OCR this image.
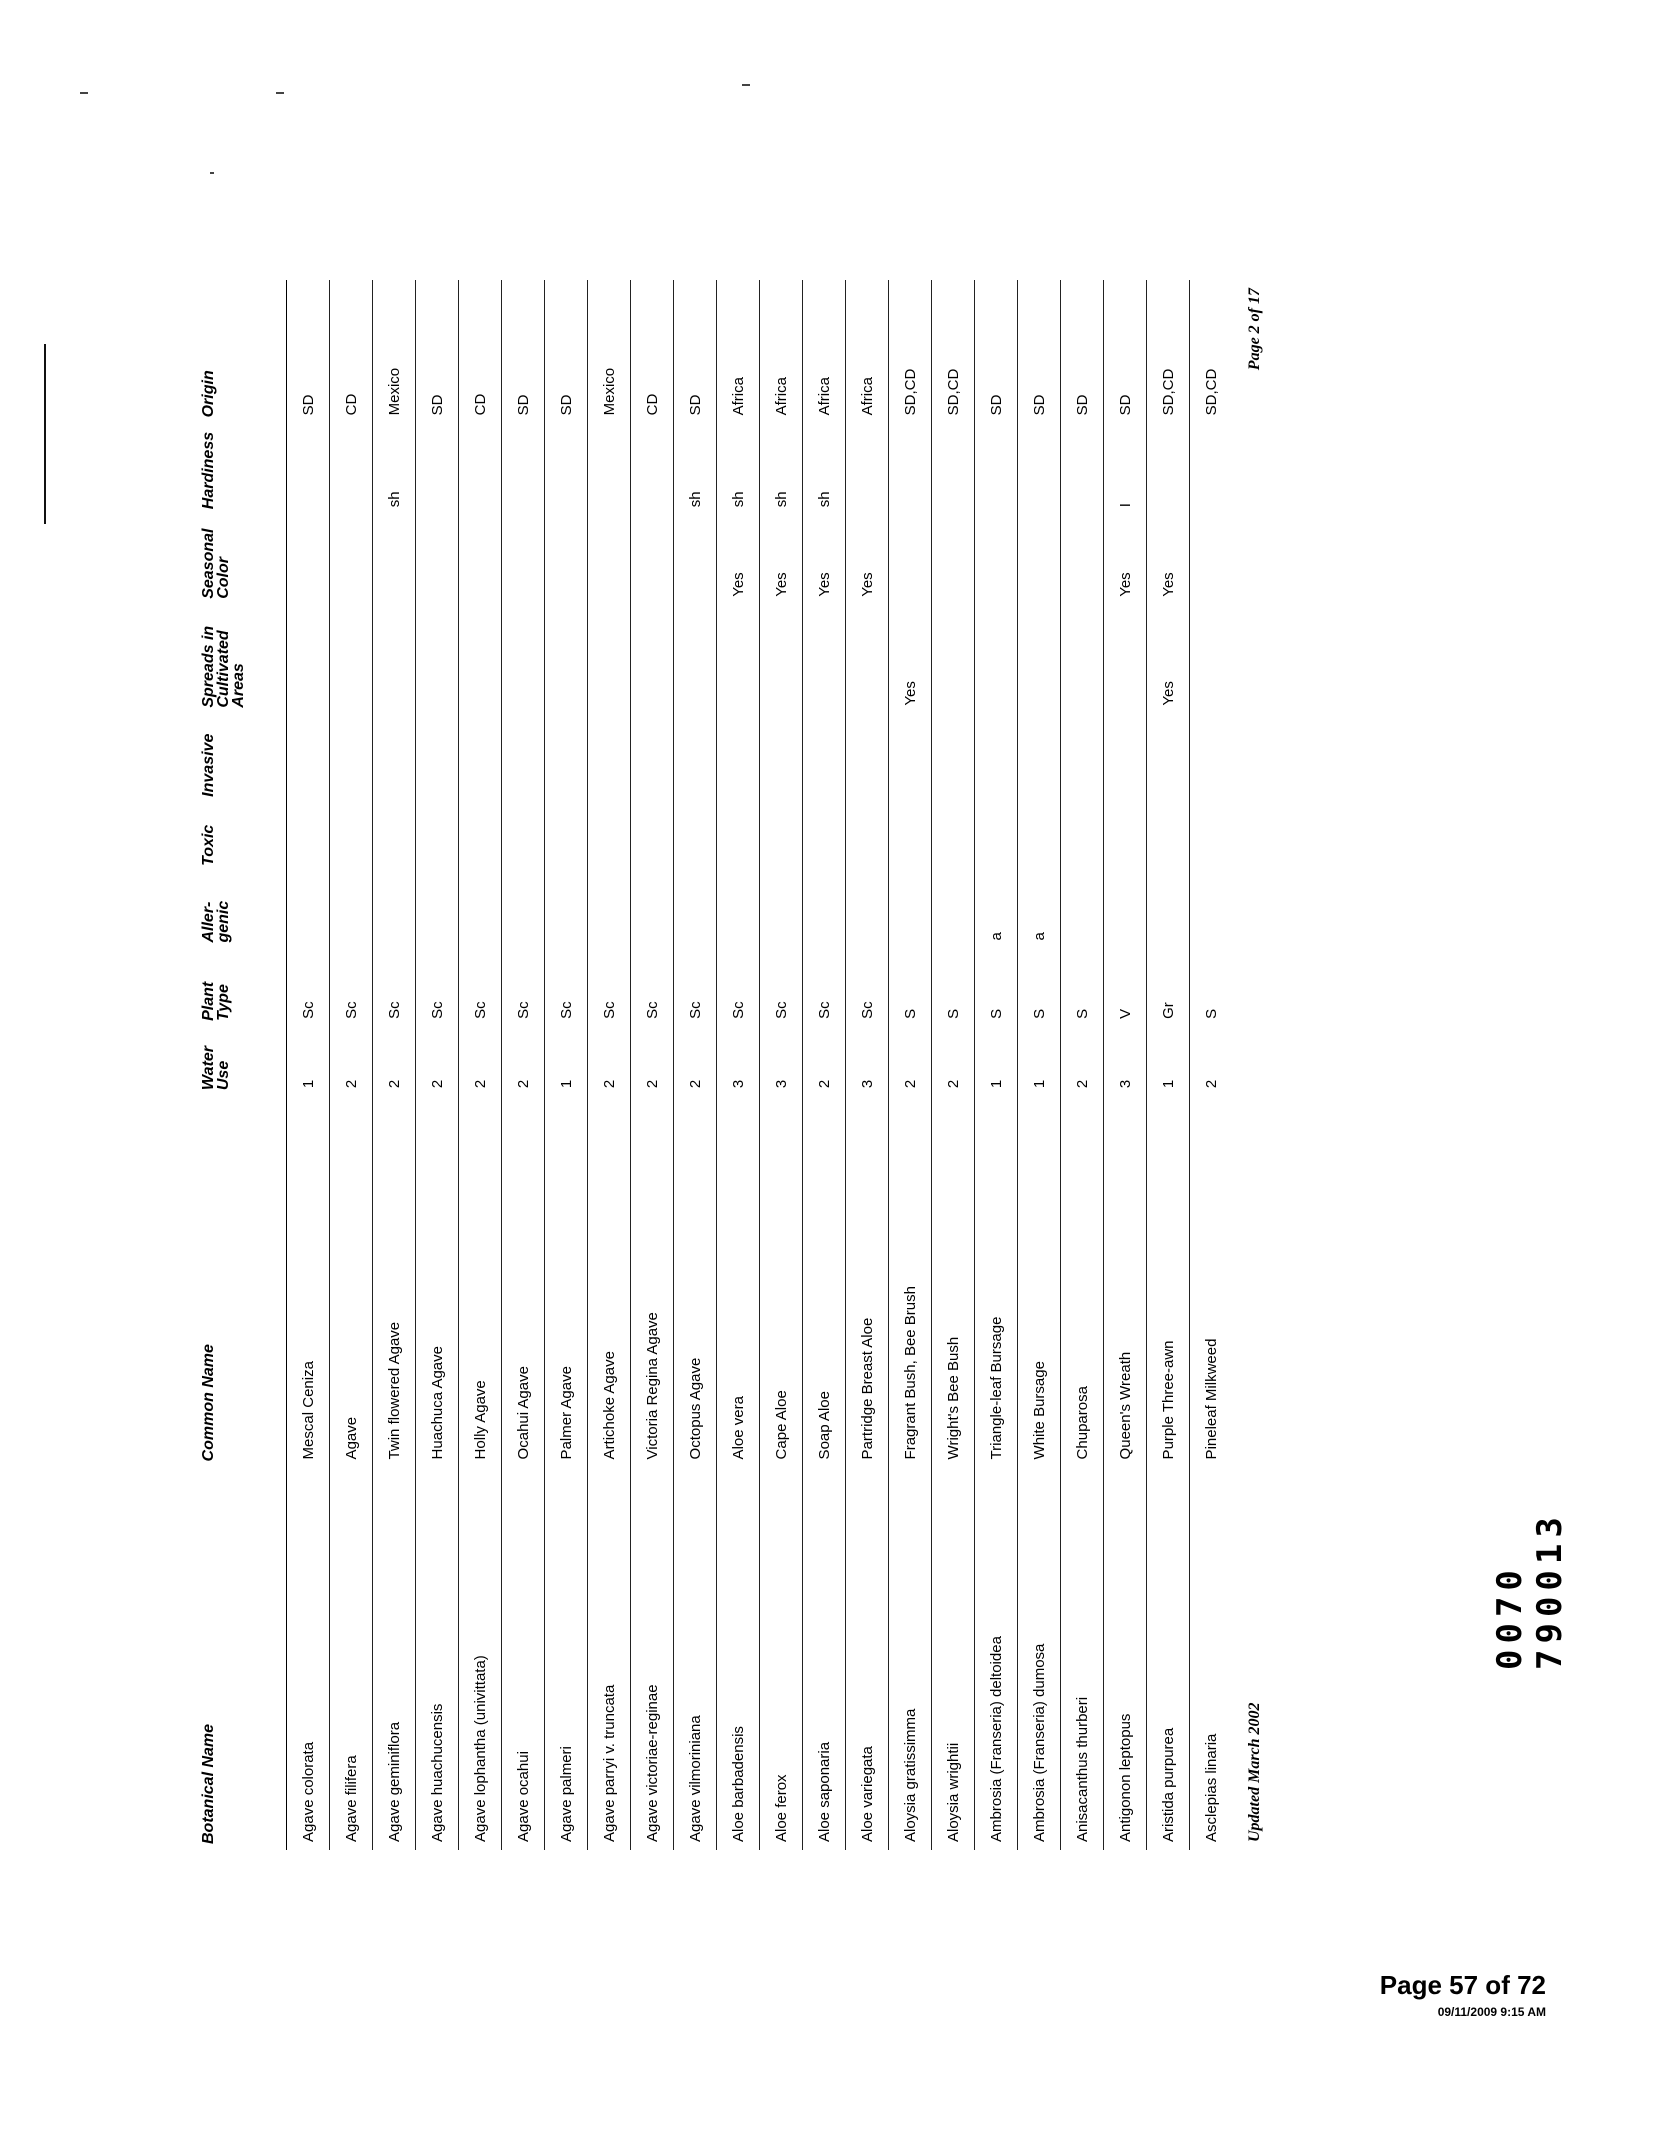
Botanical Name	Common Name	Water Use	Plant Type	Aller-genic	Toxic	Invasive	Spreads in Cultivated Areas	Seasonal Color	Hardiness	Origin
Agave colorata	Mescal Ceniza	1	Sc							SD
Agave filifera	Agave	2	Sc							CD
Agave geminiflora	Twin flowered Agave	2	Sc						sh	Mexico
Agave huachucensis	Huachuca Agave	2	Sc							SD
Agave lophantha (univittata)	Holly Agave	2	Sc							CD
Agave ocahui	Ocahui Agave	2	Sc							SD
Agave palmeri	Palmer Agave	1	Sc							SD
Agave parryi v. truncata	Artichoke Agave	2	Sc							Mexico
Agave victoriae-reginae	Victoria Regina Agave	2	Sc							CD
Agave vilmoriniana	Octopus Agave	2	Sc						sh	SD
Aloe barbadensis	Aloe vera	3	Sc					Yes	sh	Africa
Aloe ferox	Cape Aloe	3	Sc					Yes	sh	Africa
Aloe saponaria	Soap Aloe	2	Sc					Yes	sh	Africa
Aloe variegata	Partridge Breast Aloe	3	Sc					Yes		Africa
Aloysia gratissimma	Fragrant Bush, Bee Brush	2	S				Yes			SD,CD
Aloysia wrightii	Wright's Bee Bush	2	S							SD,CD
Ambrosia (Franseria) deltoidea	Triangle-leaf Bursage	1	S	a						SD
Ambrosia (Franseria) dumosa	White Bursage	1	S	a						SD
Anisacanthus thurberi	Chuparosa	2	S							SD
Antigonon leptopus	Queen's Wreath	3	V					Yes	I	SD
Aristida purpurea	Purple Three-awn	1	Gr				Yes	Yes		SD,CD
Asclepias linaria	Pineleaf Milkweed	2	S							SD,CD
Updated March 2002
Page 2 of 17
0070 790013
Page 57 of 72
09/11/2009 9:15 AM
